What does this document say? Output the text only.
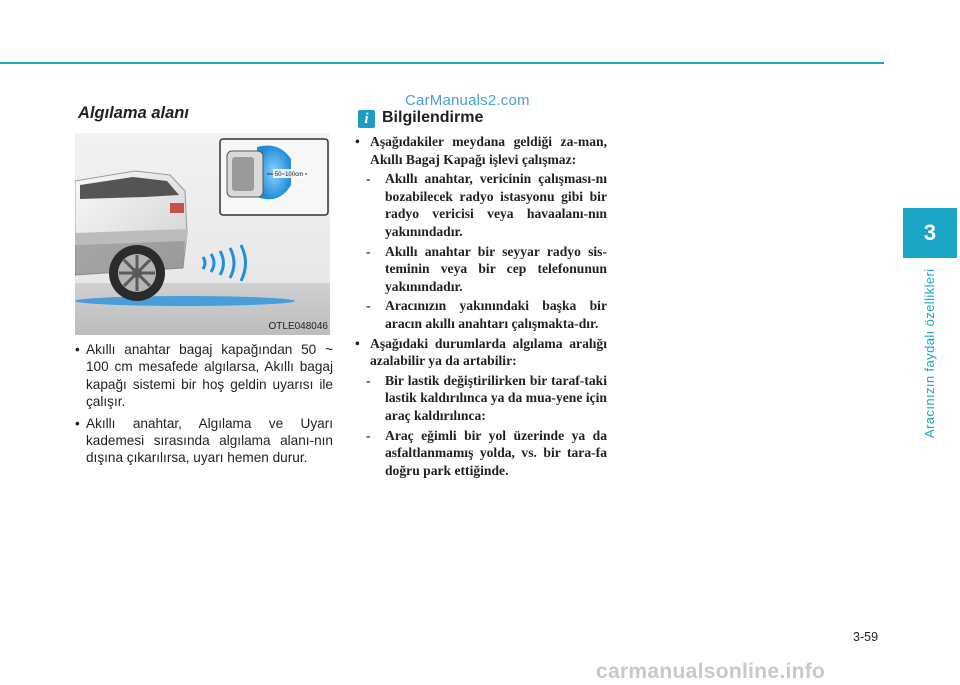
CarManuals2.com
Algılama alanı
50~100cm
OTLE048046
• Akıllı anahtar bagaj kapağından 50 ~ 100 cm mesafede algılarsa, Akıllı bagaj kapağı sistemi bir hoş geldin uyarısı ile çalışır.
• Akıllı anahtar, Algılama ve Uyarı kademesi sırasında algılama alanı-nın dışına çıkarılırsa, uyarı hemen durur.
i Bilgilendirme
• Aşağıdakiler meydana geldiği za-man, Akıllı Bagaj Kapağı işlevi çalışmaz:
- Akıllı anahtar, vericinin çalışması-nı bozabilecek radyo istasyonu gibi bir radyo vericisi veya havaalanı-nın yakınındadır.
- Akıllı anahtar bir seyyar radyo sis-teminin veya bir cep telefonunun yakınındadır.
- Aracınızın yakınındaki başka bir aracın akıllı anahtarı çalışmakta-dır.
• Aşağıdaki durumlarda algılama aralığı azalabilir ya da artabilir:
- Bir lastik değiştirilirken bir taraf-taki lastik kaldırılınca ya da mua-yene için araç kaldırılınca:
- Araç eğimli bir yol üzerinde ya da asfaltlanmamış yolda, vs. bir tara-fa doğru park ettiğinde.
3
Aracınızın faydalı özellikleri
3-59
carmanualsonline.info
